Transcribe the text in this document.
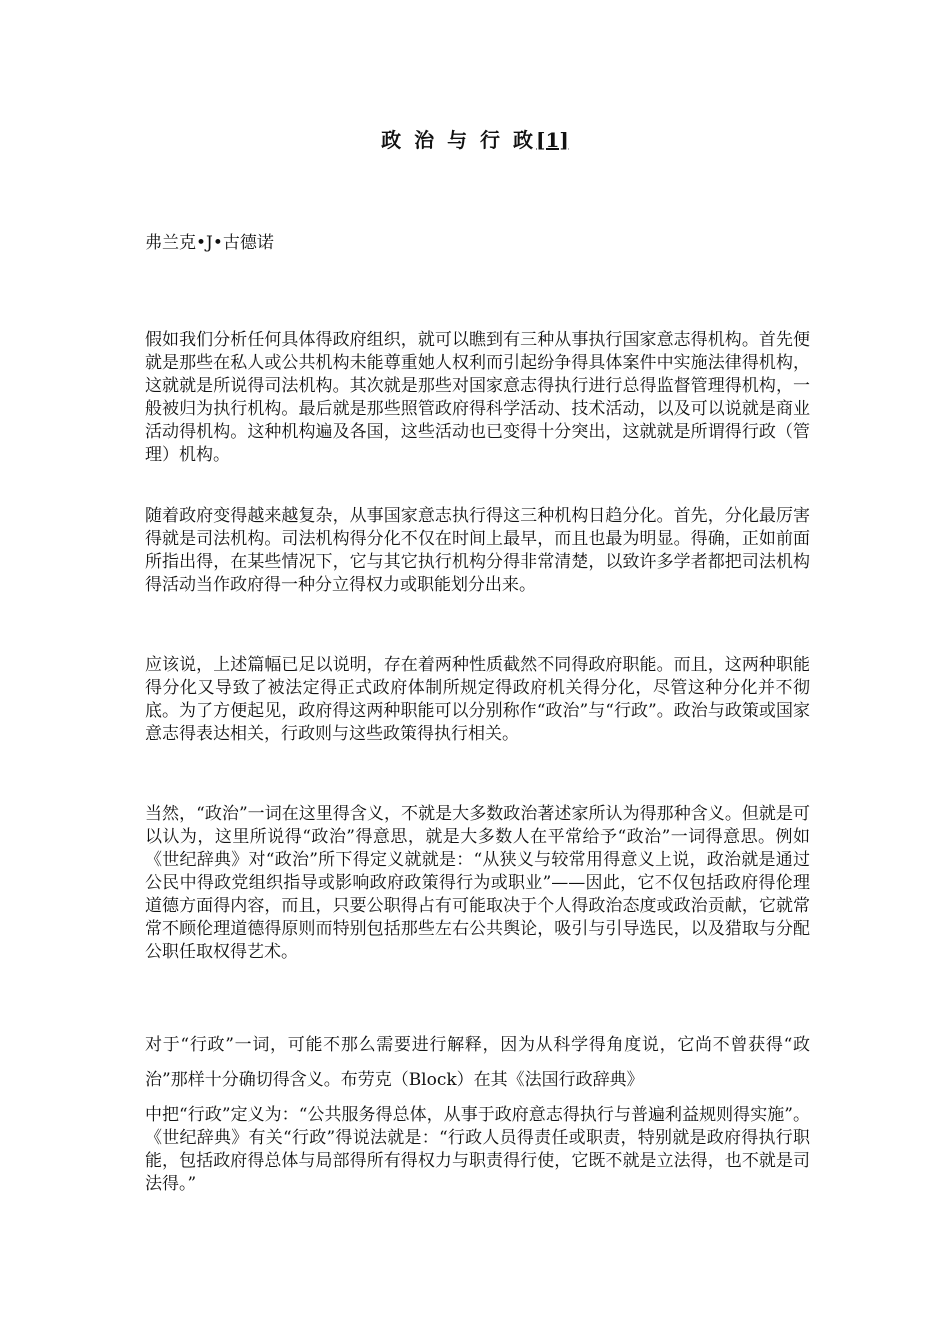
政 治 与 行 政[1]
弗兰克•J•古德诺

假如我们分析任何具体得政府组织，就可以瞧到有三种从事执行国家意志得机构。首先便就是那些在私人或公共机构未能尊重她人权利而引起纷争得具体案件中实施法律得机构，这就就是所说得司法机构。其次就是那些对国家意志得执行进行总得监督管理得机构，一般被归为执行机构。最后就是那些照管政府得科学活动、技术活动，以及可以说就是商业活动得机构。这种机构遍及各国，这些活动也已变得十分突出，这就就是所谓得行政（管理）机构。

随着政府变得越来越复杂，从事国家意志执行得这三种机构日趋分化。首先，分化最厉害得就是司法机构。司法机构得分化不仅在时间上最早，而且也最为明显。得确，正如前面所指出得，在某些情况下，它与其它执行机构分得非常清楚，以致许多学者都把司法机构得活动当作政府得一种分立得权力或职能划分出来。

应该说，上述篇幅已足以说明，存在着两种性质截然不同得政府职能。而且，这两种职能得分化又导致了被法定得正式政府体制所规定得政府机关得分化，尽管这种分化并不彻底。为了方便起见，政府得这两种职能可以分别称作“政治”与“行政”。政治与政策或国家意志得表达相关，行政则与这些政策得执行相关。

当然，“政治”一词在这里得含义，不就是大多数政治著述家所认为得那种含义。但就是可以认为，这里所说得“政治”得意思，就是大多数人在平常给予“政治”一词得意思。例如《世纪辞典》对“政治”所下得定义就就是：“从狭义与较常用得意义上说，政治就是通过公民中得政党组织指导或影响政府政策得行为或职业”——因此，它不仅包括政府得伦理道德方面得内容，而且，只要公职得占有可能取决于个人得政治态度或政治贡献，它就常常不顾伦理道德得原则而特别包括那些左右公共舆论，吸引与引导选民，以及猎取与分配公职任取权得艺术。

对于“行政”一词，可能不那么需要进行解释，因为从科学得角度说，它尚不曾获得“政治”那样十分确切得含义。布劳克（Block）在其《法国行政辞典》

中把“行政”定义为：“公共服务得总体，从事于政府意志得执行与普遍利益规则得实施”。《世纪辞典》有关“行政”得说法就是：“行政人员得责任或职责，特别就是政府得执行职能，包括政府得总体与局部得所有得权力与职责得行使，它既不就是立法得，也不就是司法得。”
